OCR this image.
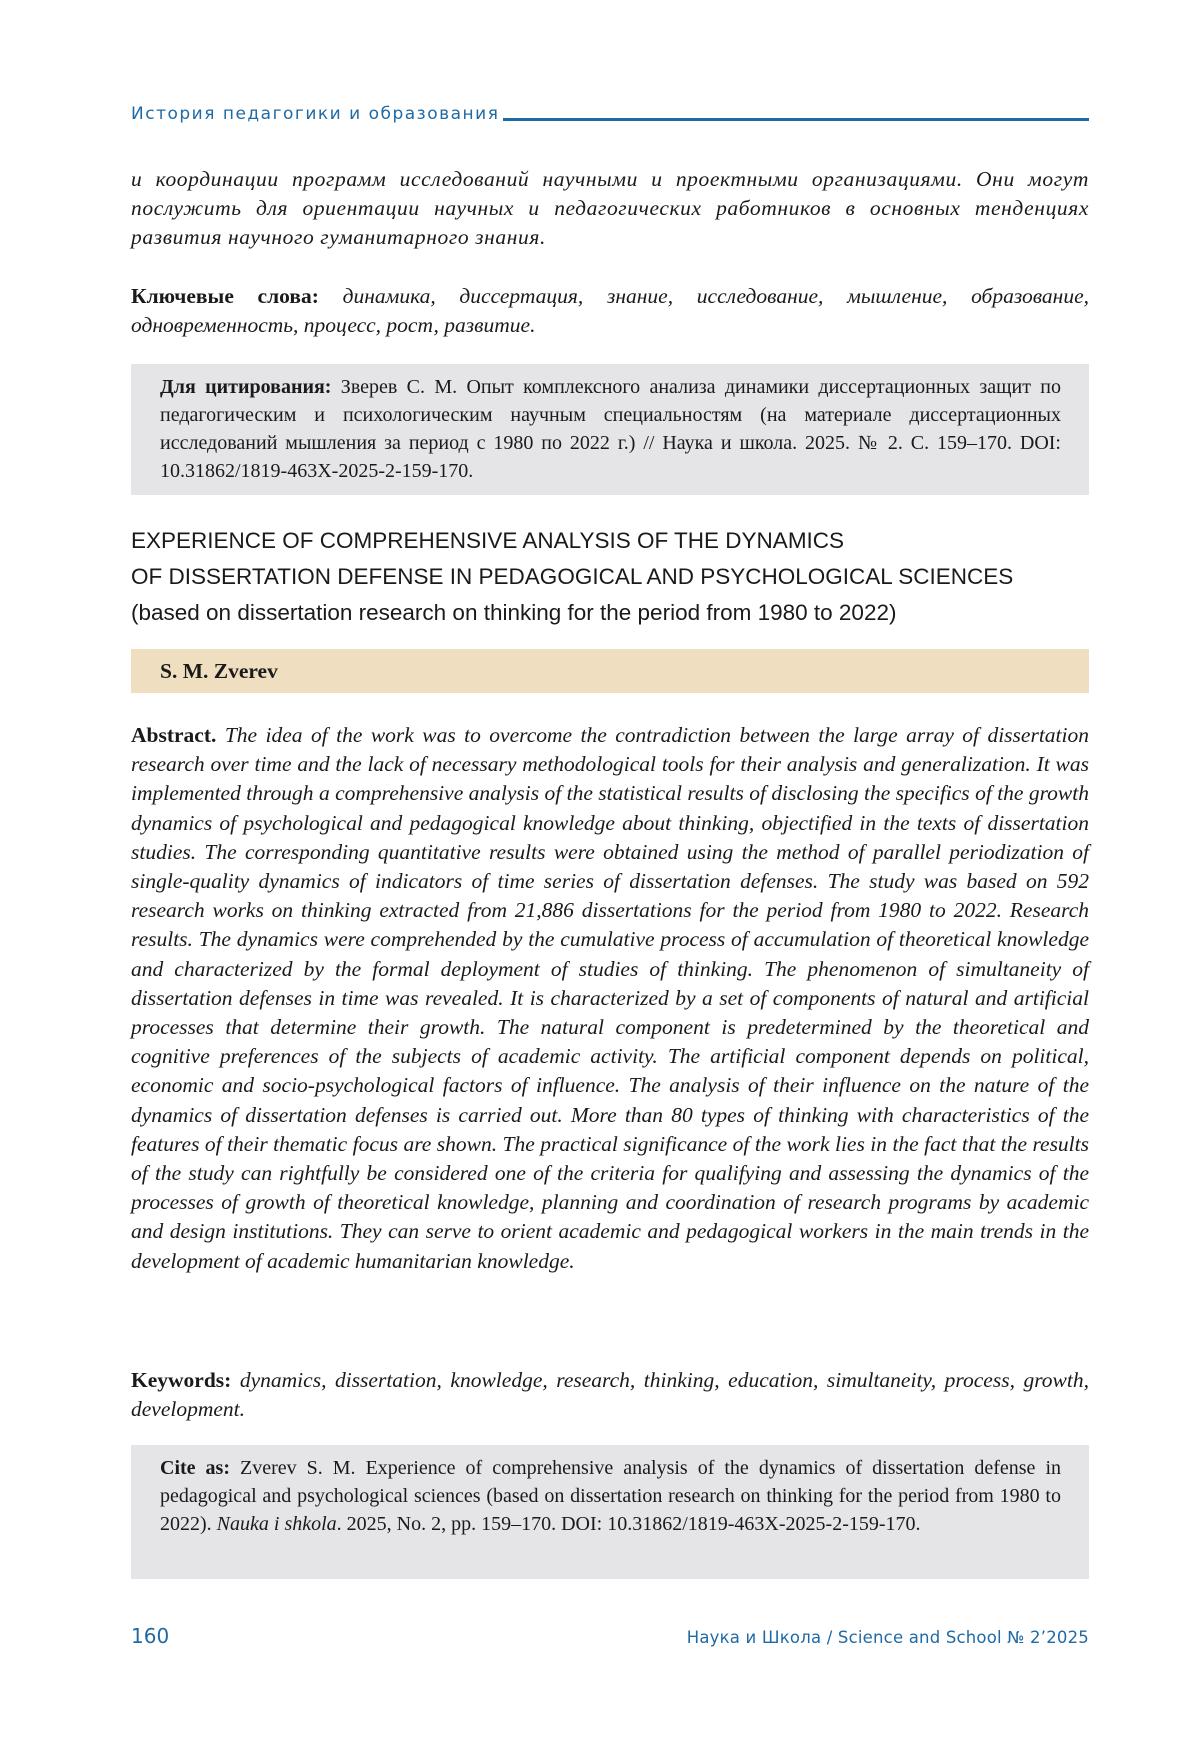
История педагогики и образования
и координации программ исследований научными и проектными организациями. Они могут послужить для ориентации научных и педагогических работников в основных тенденциях развития научного гуманитарного знания.
Ключевые слова: динамика, диссертация, знание, исследование, мышление, образование, одновременность, процесс, рост, развитие.
Для цитирования: Зверев С. М. Опыт комплексного анализа динамики диссертационных защит по педагогическим и психологическим научным специальностям (на материале диссертационных исследований мышления за период с 1980 по 2022 г.) // Наука и школа. 2025. № 2. С. 159–170. DOI: 10.31862/1819-463X-2025-2-159-170.
EXPERIENCE OF COMPREHENSIVE ANALYSIS OF THE DYNAMICS
OF DISSERTATION DEFENSE IN PEDAGOGICAL AND PSYCHOLOGICAL SCIENCES
(based on dissertation research on thinking for the period from 1980 to 2022)
S. M. Zverev
Abstract. The idea of the work was to overcome the contradiction between the large array of dissertation research over time and the lack of necessary methodological tools for their analysis and generalization. It was implemented through a comprehensive analysis of the statistical results of disclosing the specifics of the growth dynamics of psychological and pedagogical knowledge about thinking, objectified in the texts of dissertation studies. The corresponding quantitative results were obtained using the method of parallel periodization of single-quality dynamics of indicators of time series of dissertation defenses. The study was based on 592 research works on thinking extracted from 21,886 dissertations for the period from 1980 to 2022. Research results. The dynamics were comprehended by the cumulative process of accumulation of theoretical knowledge and characterized by the formal deployment of studies of thinking. The phenomenon of simultaneity of dissertation defenses in time was revealed. It is characterized by a set of components of natural and artificial processes that determine their growth. The natural component is predetermined by the theoretical and cognitive preferences of the subjects of academic activity. The artificial component depends on political, economic and socio-psychological factors of influence. The analysis of their influence on the nature of the dynamics of dissertation defenses is carried out. More than 80 types of thinking with characteristics of the features of their thematic focus are shown. The practical significance of the work lies in the fact that the results of the study can rightfully be considered one of the criteria for qualifying and assessing the dynamics of the processes of growth of theoretical knowledge, planning and coordination of research programs by academic and design institutions. They can serve to orient academic and pedagogical workers in the main trends in the development of academic humanitarian knowledge.
Keywords: dynamics, dissertation, knowledge, research, thinking, education, simultaneity, process, growth, development.
Cite as: Zverev S. M. Experience of comprehensive analysis of the dynamics of dissertation defense in pedagogical and psychological sciences (based on dissertation research on thinking for the period from 1980 to 2022). Nauka i shkola. 2025, No. 2, pp. 159–170. DOI: 10.31862/1819-463X-2025-2-159-170.
160	Наука и Школа / Science and School № 2’2025
